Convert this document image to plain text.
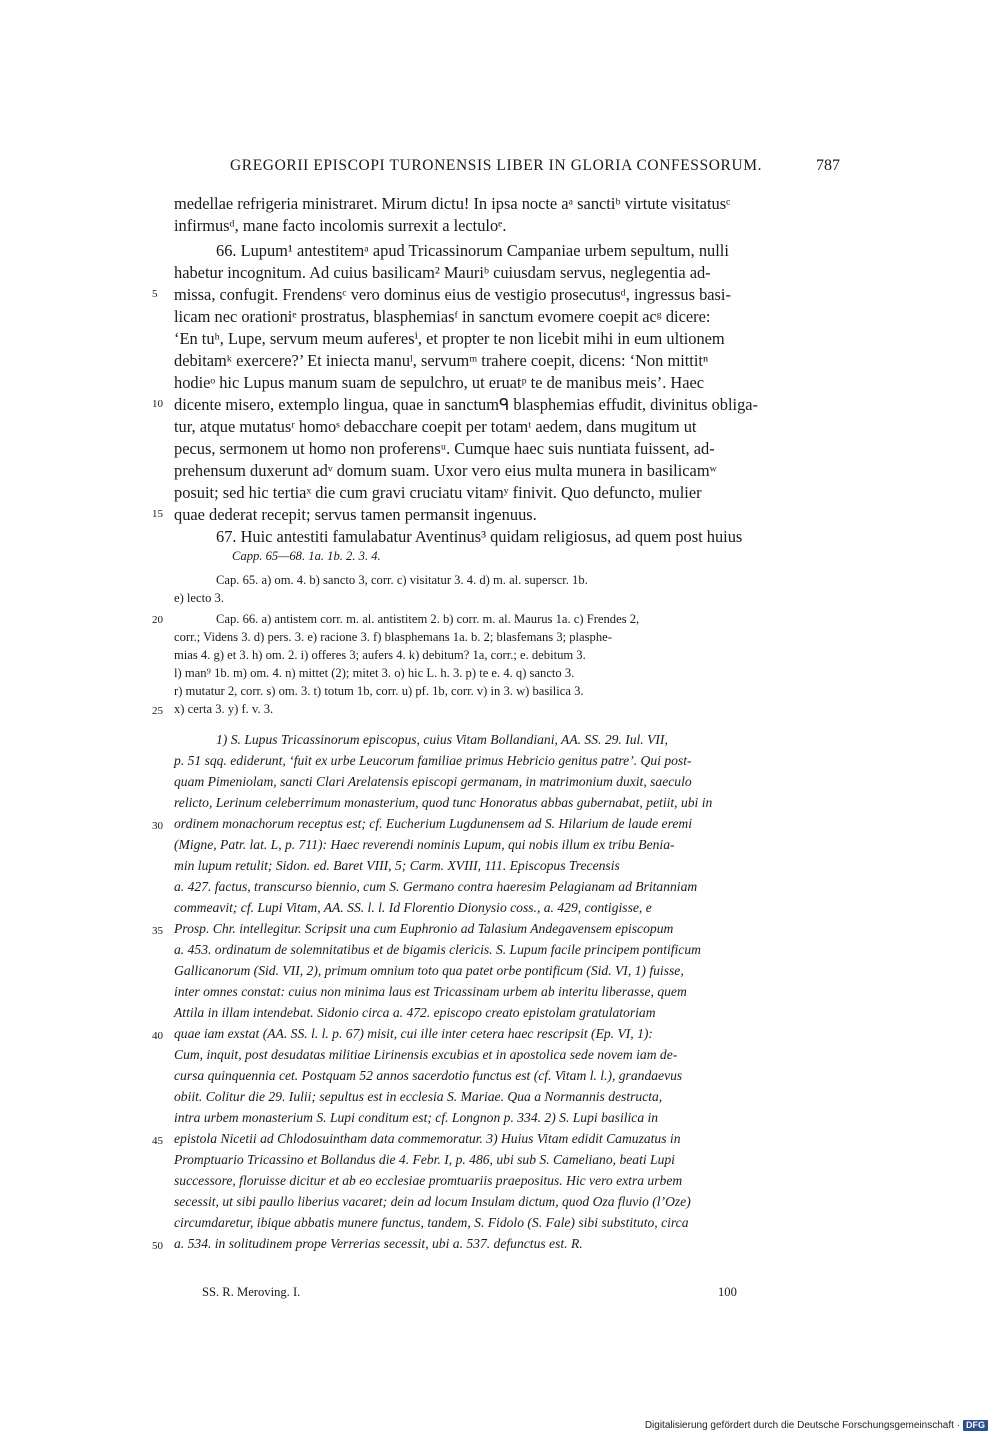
GREGORII EPISCOPI TURONENSIS LIBER IN GLORIA CONFESSORUM.	787
medellae refrigeria ministraret. Mirum dictu! In ipsa nocte aᵃ sanctiᵇ virtute visitatusᶜ
infirmusᵈ, mane facto incolomis surrexit a lectuloᵉ.
66. Lupum¹ antestitemᵃ apud Tricassinorum Campaniae urbem sepultum, nulli
habetur incognitum. Ad cuius basilicam² Mauriᵇ cuiusdam servus, neglegentia ad-
missa, confugit. Frendensᶜ vero dominus eius de vestigio prosecutusᵈ, ingressus basi-
licam nec orationiᵉ prostratus, blasphemiasᶠ in sanctum evomere coepit acᵍ dicere:
‘En tuʰ, Lupe, servum meum auferesⁱ, et propter te non licebit mihi in eum ultionem
debitamᵏ exercere?’ Et iniecta manuˡ, servumᵐ trahere coepit, dicens: ‘Non mittitⁿ
hodieᵒ hic Lupus manum suam de sepulchro, ut eruatᵖ te de manibus meis’. Haec
dicente misero, extemplo lingua, quae in sanctumᑫ blasphemias effudit, divinitus obliga-
tur, atque mutatusʳ homoˢ debacchare coepit per totamᵗ aedem, dans mugitum ut
pecus, sermonem ut homo non proferensᵘ. Cumque haec suis nuntiata fuissent, ad-
prehensum duxerunt adᵛ domum suam. Uxor vero eius multa munera in basilicamʷ
posuit; sed hic tertiaˣ die cum gravi cruciatu vitamʸ finivit. Quo defuncto, mulier
quae dederat recepit; servus tamen permansit ingenuus.
67. Huic antestiti famulabatur Aventinus³ quidam religiosus, ad quem post huius
Capp. 65—68. 1a. 1b. 2. 3. 4.
Cap. 65. a) om. 4. b) sancto 3, corr. c) visitatur 3. 4. d) m. al. superscr. 1b.
e) lecto 3.
Cap. 66. a) antistem corr. m. al. antistitem 2. b) corr. m. al. Maurus 1a. c) Frendes 2,
corr.; Videns 3. d) pers. 3. e) racione 3. f) blasphemans 1a. b. 2; blasfemans 3; plasphe-
mias 4. g) et 3. h) om. 2. i) offeres 3; aufers 4. k) debitum? 1a, corr.; e. debitum 3.
l) man⁹ 1b. m) om. 4. n) mittet (2); mitet 3. o) hic L. h. 3. p) te e. 4. q) sancto 3.
r) mutatur 2, corr. s) om. 3. t) totum 1b, corr. u) pf. 1b, corr. v) in 3. w) basilica 3.
x) certa 3. y) f. v. 3.
1) S. Lupus Tricassinorum episcopus, cuius Vitam Bollandiani, AA. SS. 29. Iul. VII,
p. 51 sqq. ediderunt, ‘fuit ex urbe Leucorum familiae primus Hebricio genitus patre’. Qui post-
quam Pimeniolam, sancti Clari Arelatensis episcopi germanam, in matrimonium duxit, saeculo
relicto, Lerinum celeberrimum monasterium, quod tunc Honoratus abbas gubernabat, petiit, ubi in
ordinem monachorum receptus est; cf. Eucherium Lugdunensem ad S. Hilarium de laude eremi
(Migne, Patr. lat. L, p. 711): Haec reverendi nominis Lupum, qui nobis illum ex tribu Benia-
min lupum retulit; Sidon. ed. Baret VIII, 5; Carm. XVIII, 111. Episcopus Trecensis
a. 427. factus, transcurso biennio, cum S. Germano contra haeresim Pelagianam ad Britanniam
commeavit; cf. Lupi Vitam, AA. SS. l. l. Id Florentio Dionysio coss., a. 429, contigisse, e
Prosp. Chr. intellegitur. Scripsit una cum Euphronio ad Talasium Andegavensem episcopum
a. 453. ordinatum de solemnitatibus et de bigamis clericis. S. Lupum facile principem pontificum
Gallicanorum (Sid. VII, 2), primum omnium toto qua patet orbe pontificum (Sid. VI, 1) fuisse,
inter omnes constat: cuius non minima laus est Tricassinam urbem ab interitu liberasse, quem
Attila in illam intendebat. Sidonio circa a. 472. episcopo creato epistolam gratulatoriam
quae iam exstat (AA. SS. l. l. p. 67) misit, cui ille inter cetera haec rescripsit (Ep. VI, 1):
Cum, inquit, post desudatas militiae Lirinensis excubias et in apostolica sede novem iam de-
cursa quinquennia cet. Postquam 52 annos sacerdotio functus est (cf. Vitam l. l.), grandaevus
obiit. Colitur die 29. Iulii; sepultus est in ecclesia S. Mariae. Qua a Normannis destructa,
intra urbem monasterium S. Lupi conditum est; cf. Longnon p. 334. 2) S. Lupi basilica in
epistola Nicetii ad Chlodosuintham data commemoratur. 3) Huius Vitam edidit Camuzatus in
Promptuario Tricassino et Bollandus die 4. Febr. I, p. 486, ubi sub S. Cameliano, beati Lupi
successore, floruisse dicitur et ab eo ecclesiae promtuariis praepositus. Hic vero extra urbem
secessit, ut sibi paullo liberius vacaret; dein ad locum Insulam dictum, quod Oza fluvio (l’Oze)
circumdaretur, ibique abbatis munere functus, tandem, S. Fidolo (S. Fale) sibi substituto, circa
a. 534. in solitudinem prope Verrerias secessit, ubi a. 537. defunctus est. R.
5
10
15
20
25
30
35
40
45
50
SS. R. Meroving. I.	100
Digitalisierung gefördert durch die Deutsche Forschungsgemeinschaft · DFG
